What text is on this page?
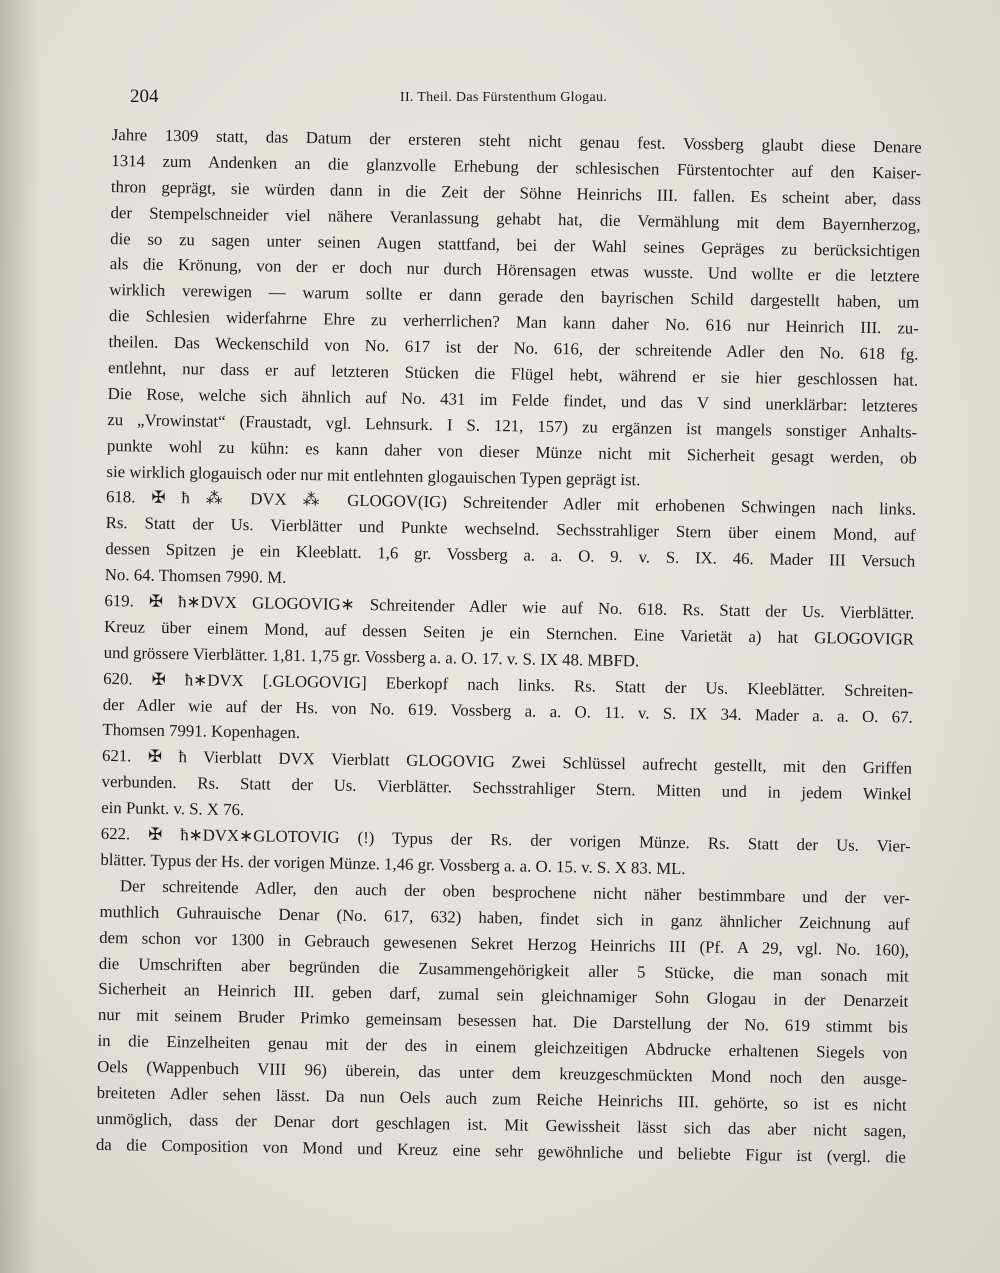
204	II. Theil. Das Fürstenthum Glogau.
Jahre 1309 statt, das Datum der ersteren steht nicht genau fest. Vossberg glaubt diese Denare
1314 zum Andenken an die glanzvolle Erhebung der schlesischen Fürstentochter auf den Kaiser-
thron geprägt, sie würden dann in die Zeit der Söhne Heinrichs III. fallen. Es scheint aber, dass
der Stempelschneider viel nähere Veranlassung gehabt hat, die Vermählung mit dem Bayernherzog,
die so zu sagen unter seinen Augen stattfand, bei der Wahl seines Gepräges zu berücksichtigen
als die Krönung, von der er doch nur durch Hörensagen etwas wusste. Und wollte er die letztere
wirklich verewigen — warum sollte er dann gerade den bayrischen Schild dargestellt haben, um
die Schlesien widerfahrne Ehre zu verherrlichen? Man kann daher No. 616 nur Heinrich III. zu-
theilen. Das Weckenschild von No. 617 ist der No. 616, der schreitende Adler den No. 618 fg.
entlehnt, nur dass er auf letzteren Stücken die Flügel hebt, während er sie hier geschlossen hat.
Die Rose, welche sich ähnlich auf No. 431 im Felde findet, und das V sind unerklärbar: letzteres
zu „Vrowinstat“ (Fraustadt, vgl. Lehnsurk. I S. 121, 157) zu ergänzen ist mangels sonstiger Anhalts-
punkte wohl zu kühn: es kann daher von dieser Münze nicht mit Sicherheit gesagt werden, ob
sie wirklich glogauisch oder nur mit entlehnten glogauischen Typen geprägt ist.
618. ✠ ħ ⁂ DVX ⁂ GLOGOV(IG) Schreitender Adler mit erhobenen Schwingen nach links.
Rs. Statt der Us. Vierblätter und Punkte wechselnd. Sechsstrahliger Stern über einem Mond, auf
dessen Spitzen je ein Kleeblatt. 1,6 gr. Vossberg a. a. O. 9. v. S. IX. 46. Mader III Versuch
No. 64. Thomsen 7990. M.
619. ✠ ħ∗DVX GLOGOVIG∗ Schreitender Adler wie auf No. 618. Rs. Statt der Us. Vierblätter.
Kreuz über einem Mond, auf dessen Seiten je ein Sternchen. Eine Varietät a) hat GLOGOVIGR
und grössere Vierblätter. 1,81. 1,75 gr. Vossberg a. a. O. 17. v. S. IX 48. MBFD.
620. ✠ ħ∗DVX [.GLOGOVIG] Eberkopf nach links. Rs. Statt der Us. Kleeblätter. Schreiten-
der Adler wie auf der Hs. von No. 619. Vossberg a. a. O. 11. v. S. IX 34. Mader a. a. O. 67.
Thomsen 7991. Kopenhagen.
621. ✠ ħ Vierblatt DVX Vierblatt GLOGOVIG Zwei Schlüssel aufrecht gestellt, mit den Griffen
verbunden. Rs. Statt der Us. Vierblätter. Sechsstrahliger Stern. Mitten und in jedem Winkel
ein Punkt. v. S. X 76.
622. ✠ ħ∗DVX∗GLOTOVIG (!) Typus der Rs. der vorigen Münze. Rs. Statt der Us. Vier-
blätter. Typus der Hs. der vorigen Münze. 1,46 gr. Vossberg a. a. O. 15. v. S. X 83. ML.
Der schreitende Adler, den auch der oben besprochene nicht näher bestimmbare und der ver-
muthlich Guhrauische Denar (No. 617, 632) haben, findet sich in ganz ähnlicher Zeichnung auf
dem schon vor 1300 in Gebrauch gewesenen Sekret Herzog Heinrichs III (Pf. A 29, vgl. No. 160),
die Umschriften aber begründen die Zusammengehörigkeit aller 5 Stücke, die man sonach mit
Sicherheit an Heinrich III. geben darf, zumal sein gleichnamiger Sohn Glogau in der Denarzeit
nur mit seinem Bruder Primko gemeinsam besessen hat. Die Darstellung der No. 619 stimmt bis
in die Einzelheiten genau mit der des in einem gleichzeitigen Abdrucke erhaltenen Siegels von
Oels (Wappenbuch VIII 96) überein, das unter dem kreuzgeschmückten Mond noch den ausge-
breiteten Adler sehen lässt. Da nun Oels auch zum Reiche Heinrichs III. gehörte, so ist es nicht
unmöglich, dass der Denar dort geschlagen ist. Mit Gewissheit lässt sich das aber nicht sagen,
da die Composition von Mond und Kreuz eine sehr gewöhnliche und beliebte Figur ist (vergl. die
